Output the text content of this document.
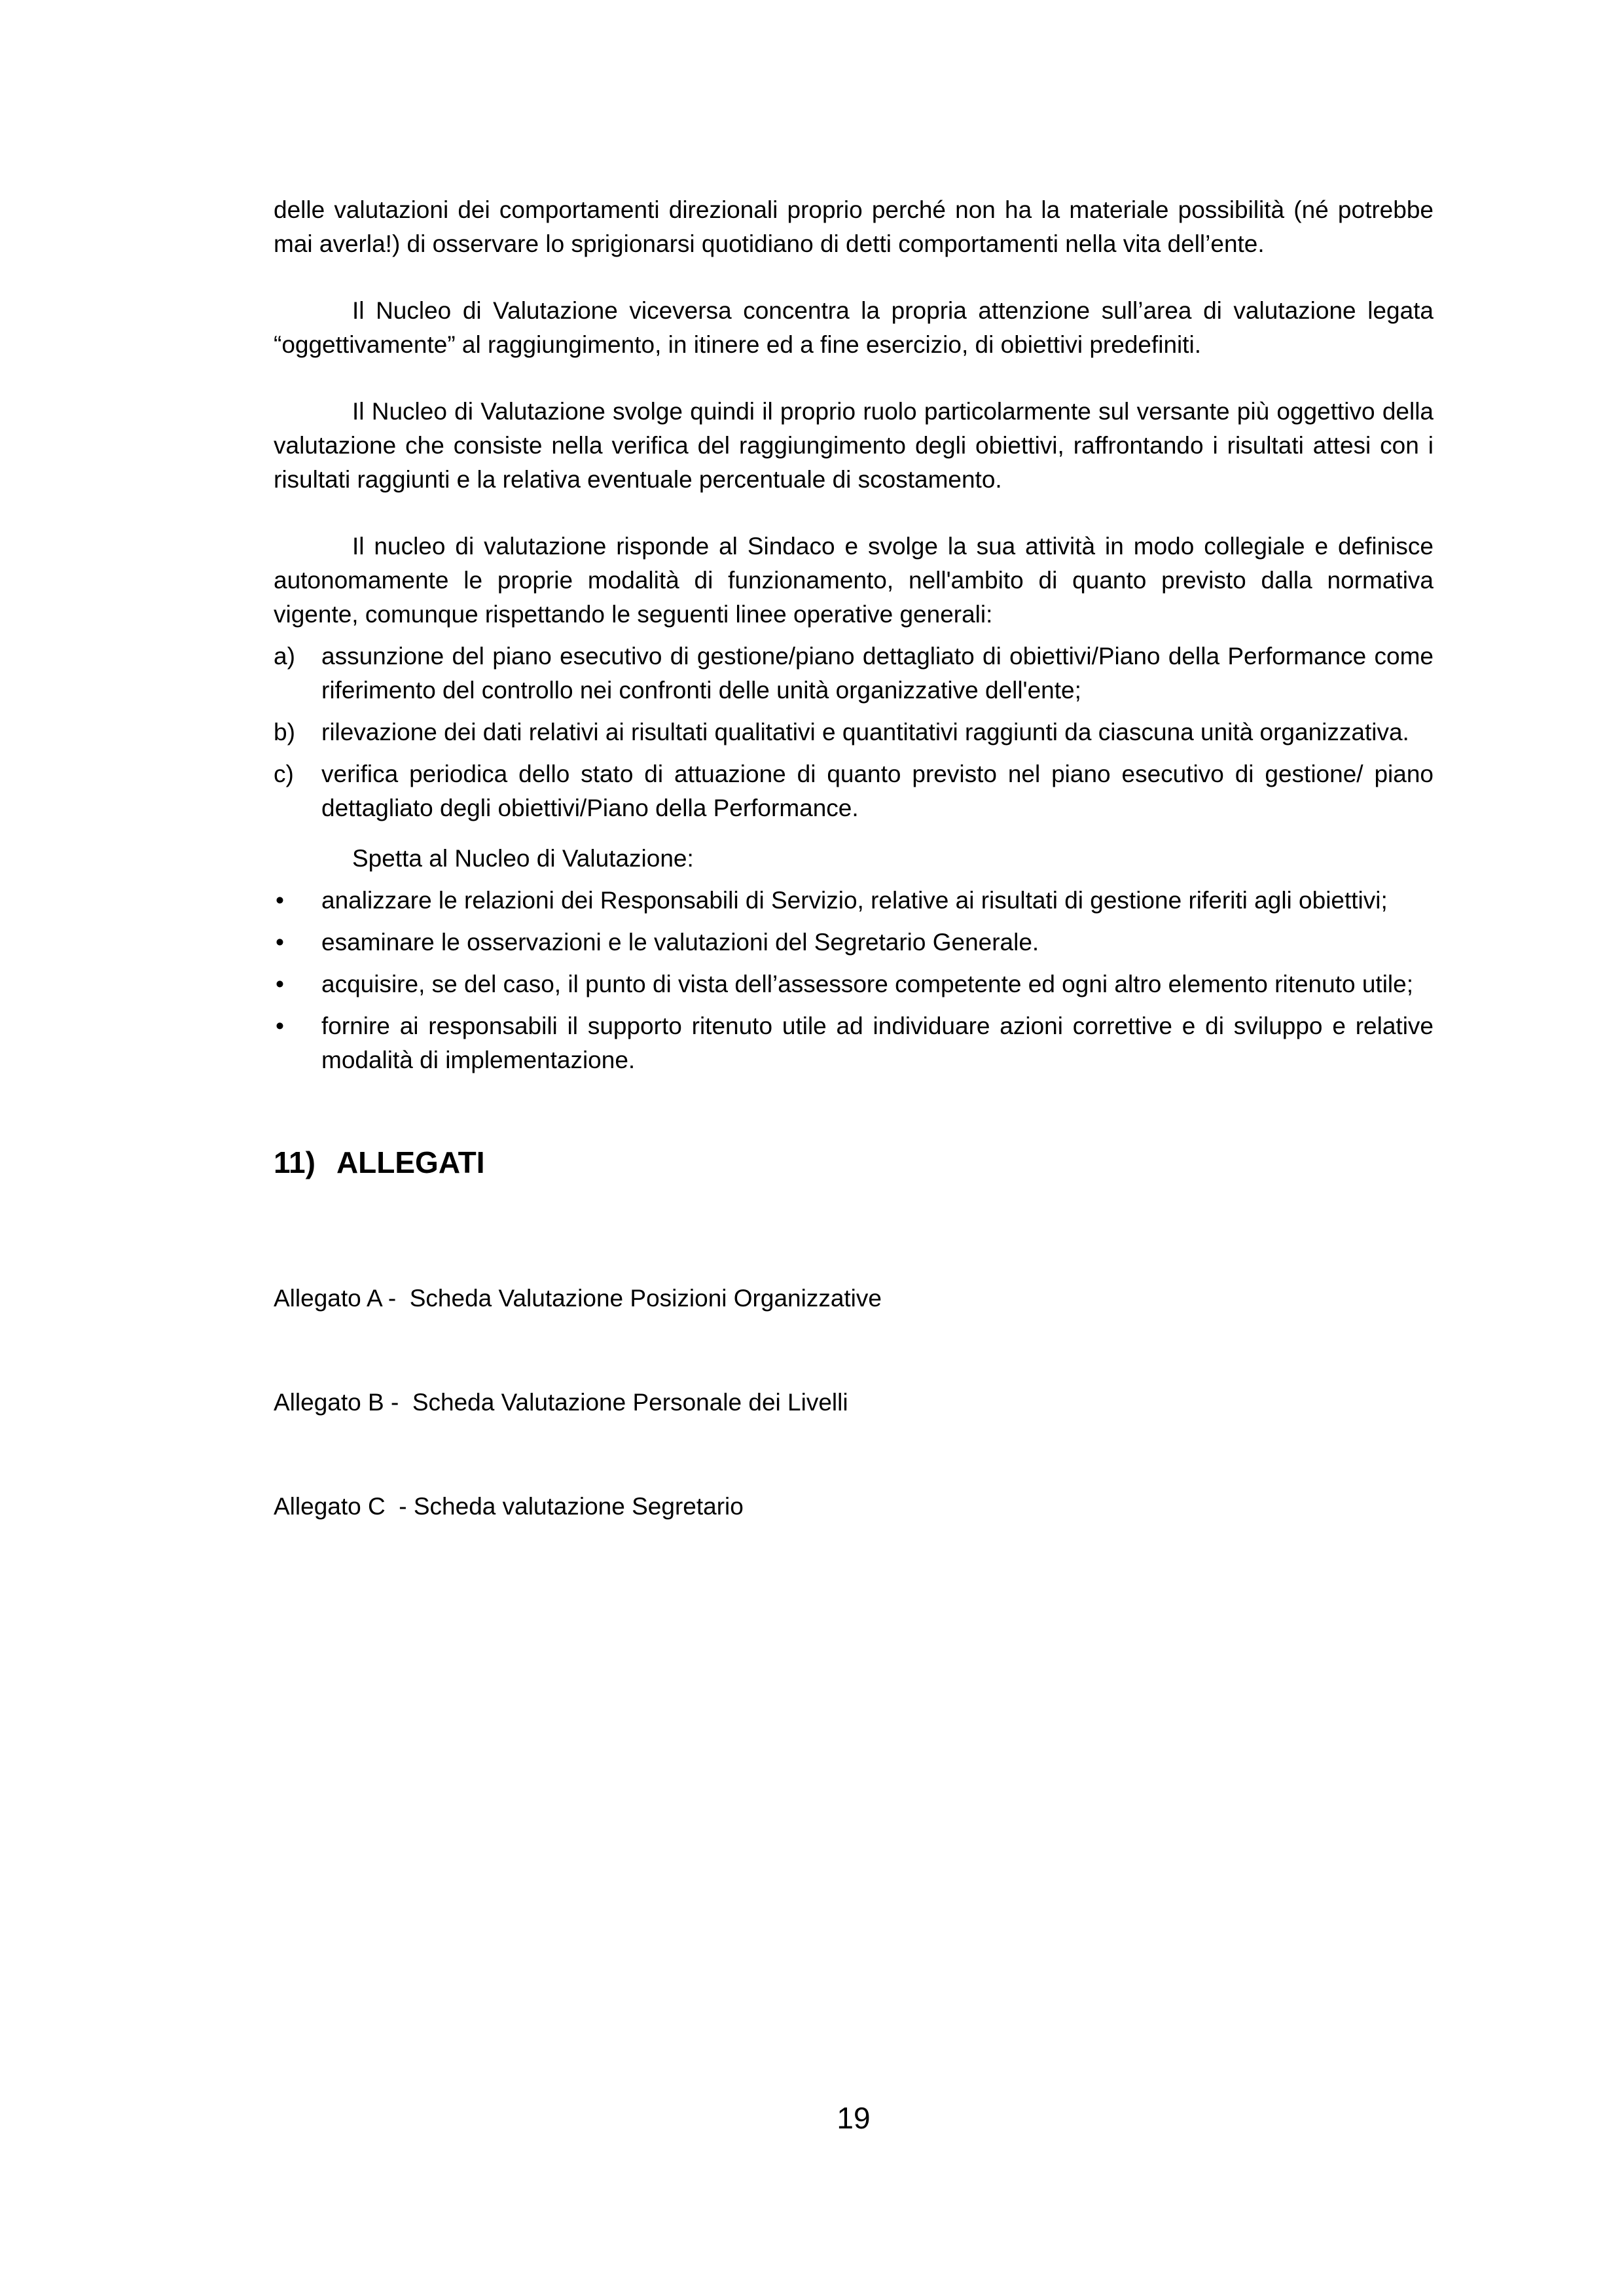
delle valutazioni dei comportamenti direzionali proprio perché non ha la materiale possibilità (né potrebbe mai averla!) di osservare lo sprigionarsi quotidiano di detti comportamenti nella vita dell’ente.

Il Nucleo di Valutazione viceversa concentra la propria attenzione sull’area di valutazione legata “oggettivamente” al raggiungimento, in itinere ed a fine esercizio, di obiettivi predefiniti.

Il Nucleo di Valutazione svolge quindi il proprio ruolo particolarmente sul versante più oggettivo della valutazione che consiste nella verifica del raggiungimento degli obiettivi, raffrontando i risultati attesi con i risultati raggiunti e la relativa eventuale percentuale di scostamento.

Il nucleo di valutazione risponde al Sindaco e svolge la sua attività in modo collegiale e definisce autonomamente le proprie modalità di funzionamento, nell'ambito di quanto previsto dalla normativa vigente, comunque rispettando le seguenti linee operative generali:

a) assunzione del piano esecutivo di gestione/piano dettagliato di obiettivi/Piano della Performance come riferimento del controllo nei confronti delle unità organizzative dell'ente;
b) rilevazione dei dati relativi ai risultati qualitativi e quantitativi raggiunti da ciascuna unità organizzativa.
c) verifica periodica dello stato di attuazione di quanto previsto nel piano esecutivo di gestione/ piano dettagliato degli obiettivi/Piano della Performance.

Spetta al Nucleo di Valutazione:

• analizzare le relazioni dei Responsabili di Servizio, relative ai risultati di gestione riferiti agli obiettivi;
• esaminare le osservazioni e le valutazioni del Segretario Generale.
• acquisire, se del caso, il punto di vista dell’assessore competente ed ogni altro elemento ritenuto utile;
• fornire ai responsabili il supporto ritenuto utile ad individuare azioni correttive e di sviluppo e relative modalità di implementazione.
11) ALLEGATI

Allegato A -  Scheda Valutazione Posizioni Organizzative

Allegato B -  Scheda Valutazione Personale dei Livelli

Allegato C  - Scheda valutazione Segretario

19
